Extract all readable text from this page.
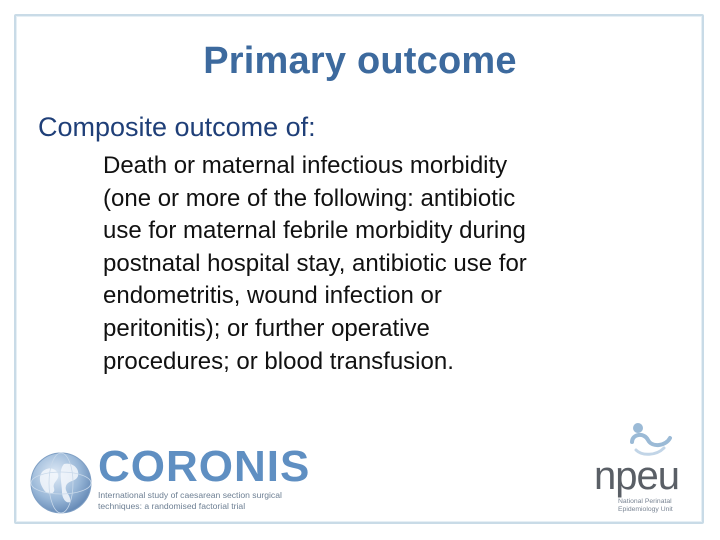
Primary outcome
Composite outcome of:
Death or maternal infectious morbidity
(one or more of the following: antibiotic
use for maternal febrile morbidity during
postnatal hospital stay, antibiotic use for
endometritis, wound infection or
peritonitis); or further operative
procedures; or blood transfusion.
CORONIS
International study of caesarean section surgical
techniques: a randomised factorial trial
npeu
National Perinatal
Epidemiology Unit
